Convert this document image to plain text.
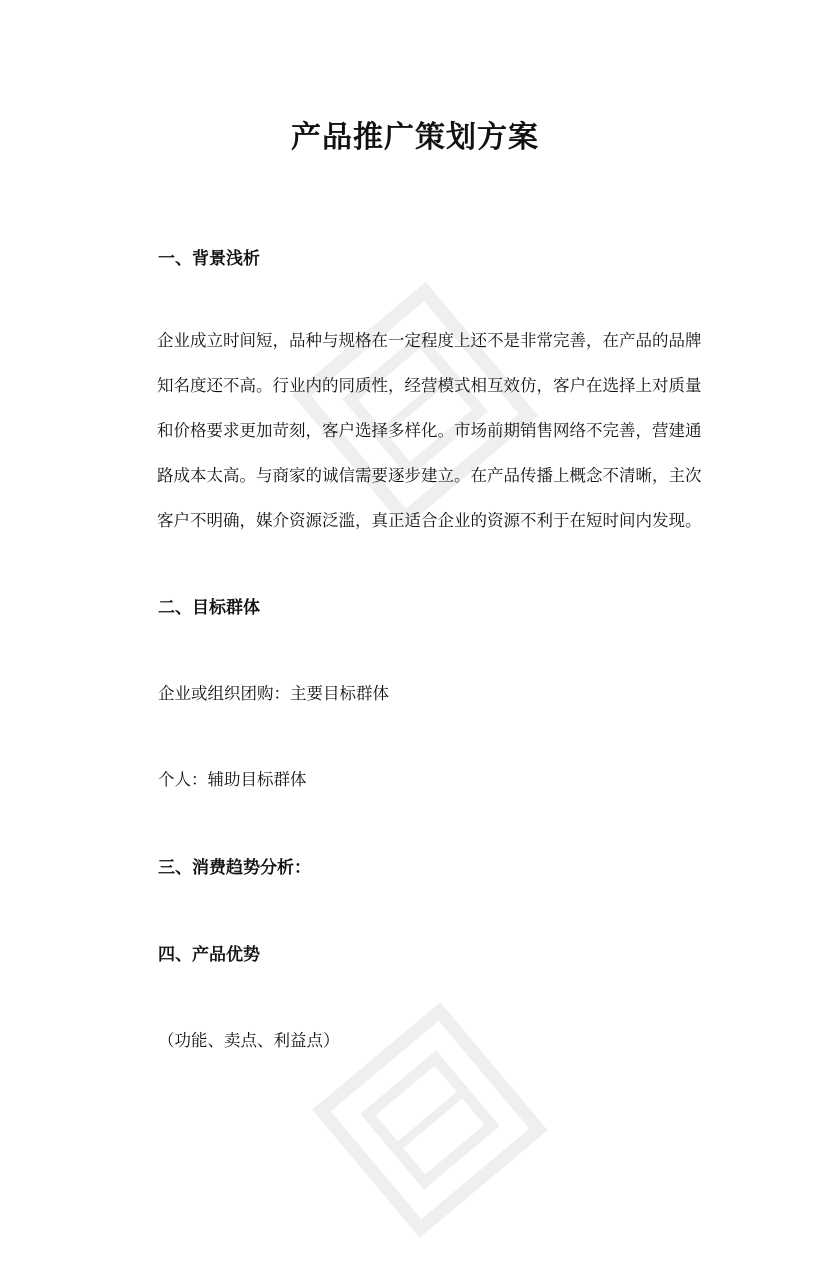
产品推广策划方案
一、背景浅析
企业成立时间短，品种与规格在一定程度上还不是非常完善，在产品的品牌知名度还不高。行业内的同质性，经营模式相互效仿，客户在选择上对质量和价格要求更加苛刻，客户选择多样化。市场前期销售网络不完善，营建通路成本太高。与商家的诚信需要逐步建立。在产品传播上概念不清晰，主次客户不明确，媒介资源泛滥，真正适合企业的资源不利于在短时间内发现。
二、目标群体
企业或组织团购：主要目标群体
个人：辅助目标群体
三、消费趋势分析：
四、产品优势
（功能、卖点、利益点）
